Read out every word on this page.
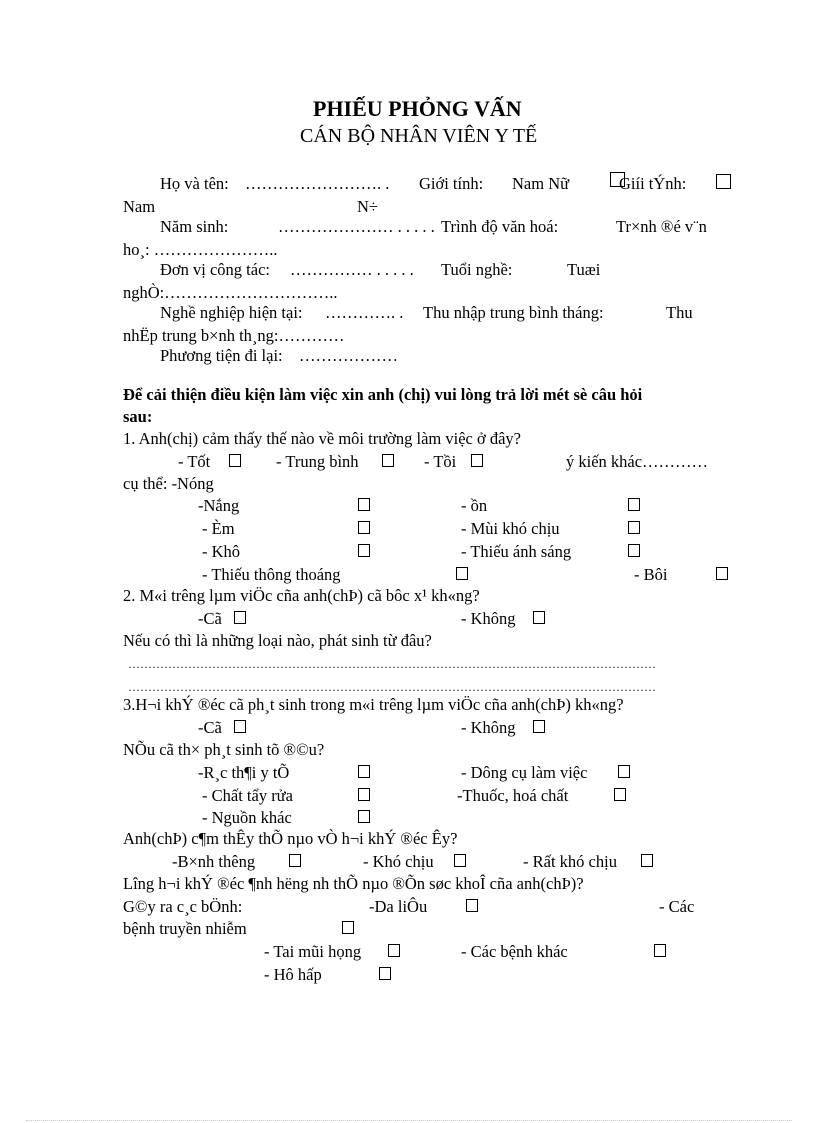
PHIẾU PHỎNG VẤN
CÁN BỘ NHÂN VIÊN Y TẾ
Họ và tên: ……………………. . Giới tính: Nam Nữ	Giíi tÝnh:
Nam	N÷
Năm sinh:	………………… . . . . . Trình độ văn hoá:	Tr×nh ®é v¨n
ho¸: …………………..
Đơn vị công tác: …………… . . . . . Tuổi nghề:	Tuæi
nghÒ:…………………………..
Nghề nghiệp hiện tại: …………. . Thu nhập trung bình tháng:	Thu
nhËp trung b×nh th¸ng:…………
Phương tiện đi lại: ………………
Để cải thiện điều kiện làm việc xin anh (chị) vui lòng trả lời mét sè câu hỏi
sau:
1. Anh(chị) cảm thấy thế nào về môi trường làm việc ở đây?
- Tốt	- Trung bình	- Tồi	ý kiến khác…………
cụ thể: -Nóng
-Nắng	- ồn
- Èm	- Mùi khó chịu
- Khô	- Thiếu ánh sáng
- Thiếu thông thoáng	- Bôi
2. M«i trêng lµm viÖc cña anh(chÞ) cã bôc x¹ kh«ng?
-Cã	- Không
Nếu có thì là những loại nào, phát sinh từ đâu?
……………………………………………………………………………………………………………………
……………………………………………………………………………………………………………………
3.H¬i khÝ ®éc cã ph¸t sinh trong m«i trêng lµm viÖc cña anh(chÞ) kh«ng?
-Cã	- Không
NÕu cã th× ph¸t sinh tõ ®©u?
-R¸c th¶i y tÕ	- Dông cụ làm việc
- Chất tẩy rửa	-Thuốc, hoá chất
- Nguồn khác
Anh(chÞ) c¶m thÊy thÕ nµo vÒ h¬i khÝ ®éc Êy?
-B×nh thêng	- Khó chịu	- Rất khó chịu
Lîng h¬i khÝ ®éc ¶nh hëng nh thÕ nµo ®Õn søc khoÎ cña anh(chÞ)?
G©y ra c¸c bÖnh:	-Da liÔu	- Các
bệnh truyền nhiễm
- Tai mũi họng	- Các bệnh khác
- Hô hấp
